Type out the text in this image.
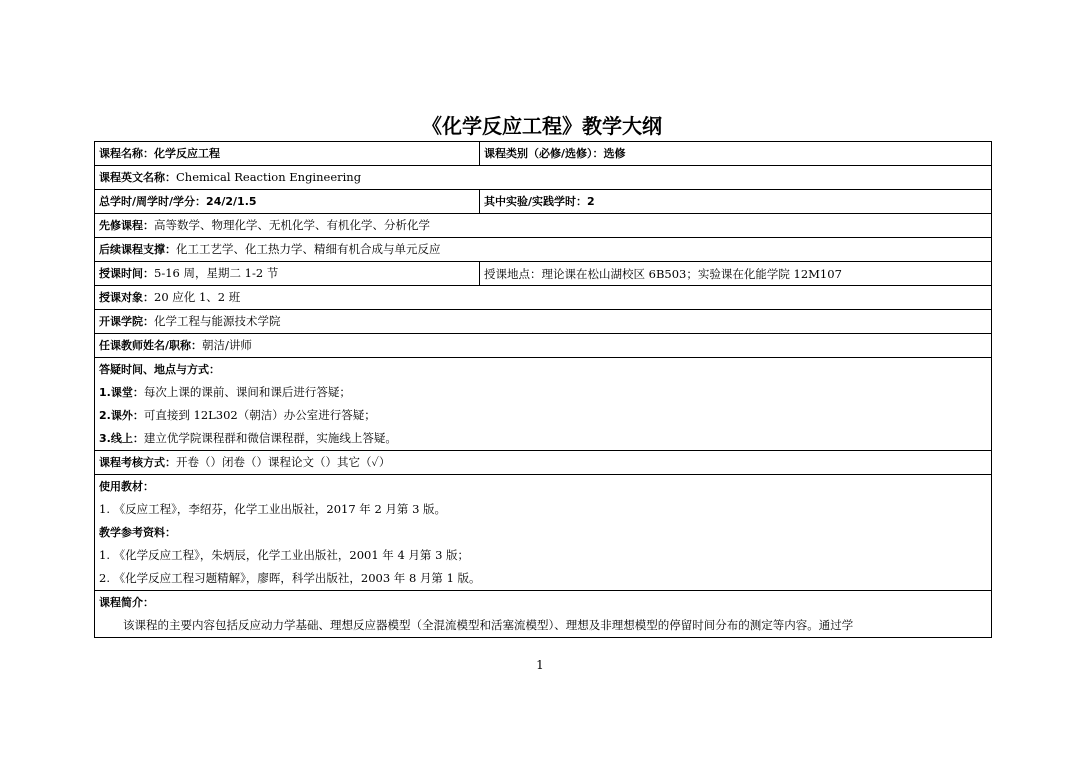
《化学反应工程》教学大纲
课程名称：化学反应工程	课程类别（必修/选修）：选修
课程英文名称：Chemical Reaction Engineering	
总学时/周学时/学分：24/2/1.5	其中实验/实践学时：2
先修课程：高等数学、物理化学、无机化学、有机化学、分析化学	
后续课程支撑：化工工艺学、化工热力学、精细有机合成与单元反应	
授课时间：5-16 周，星期二 1-2 节	授课地点：理论课在松山湖校区 6B503；实验课在化能学院 12M107
授课对象：20 应化 1、2 班	
开课学院：化学工程与能源技术学院	
任课教师姓名/职称：朝洁/讲师	

答疑时间、地点与方式：
1.课堂：每次上课的课前、课间和课后进行答疑；
2.课外：可直接到 12L302（朝洁）办公室进行答疑；
3.线上：建立优学院课程群和微信课程群，实施线上答疑。	

课程考核方式：开卷（）闭卷（）课程论文（）其它（✓）	

使用教材：
1. 《反应工程》，李绍芬，化学工业出版社，2017 年 2 月第 3 版。
教学参考资料：
1. 《化学反应工程》，朱炳辰，化学工业出版社，2001 年 4 月第 3 版；
2. 《化学反应工程习题精解》，廖晖，科学出版社，2003 年 8 月第 1 版。	

课程简介：
该课程的主要内容包括反应动力学基础、理想反应器模型（全混流模型和活塞流模型）、理想及非理想模型的停留时间分布的测定等内容。通过学	
1
